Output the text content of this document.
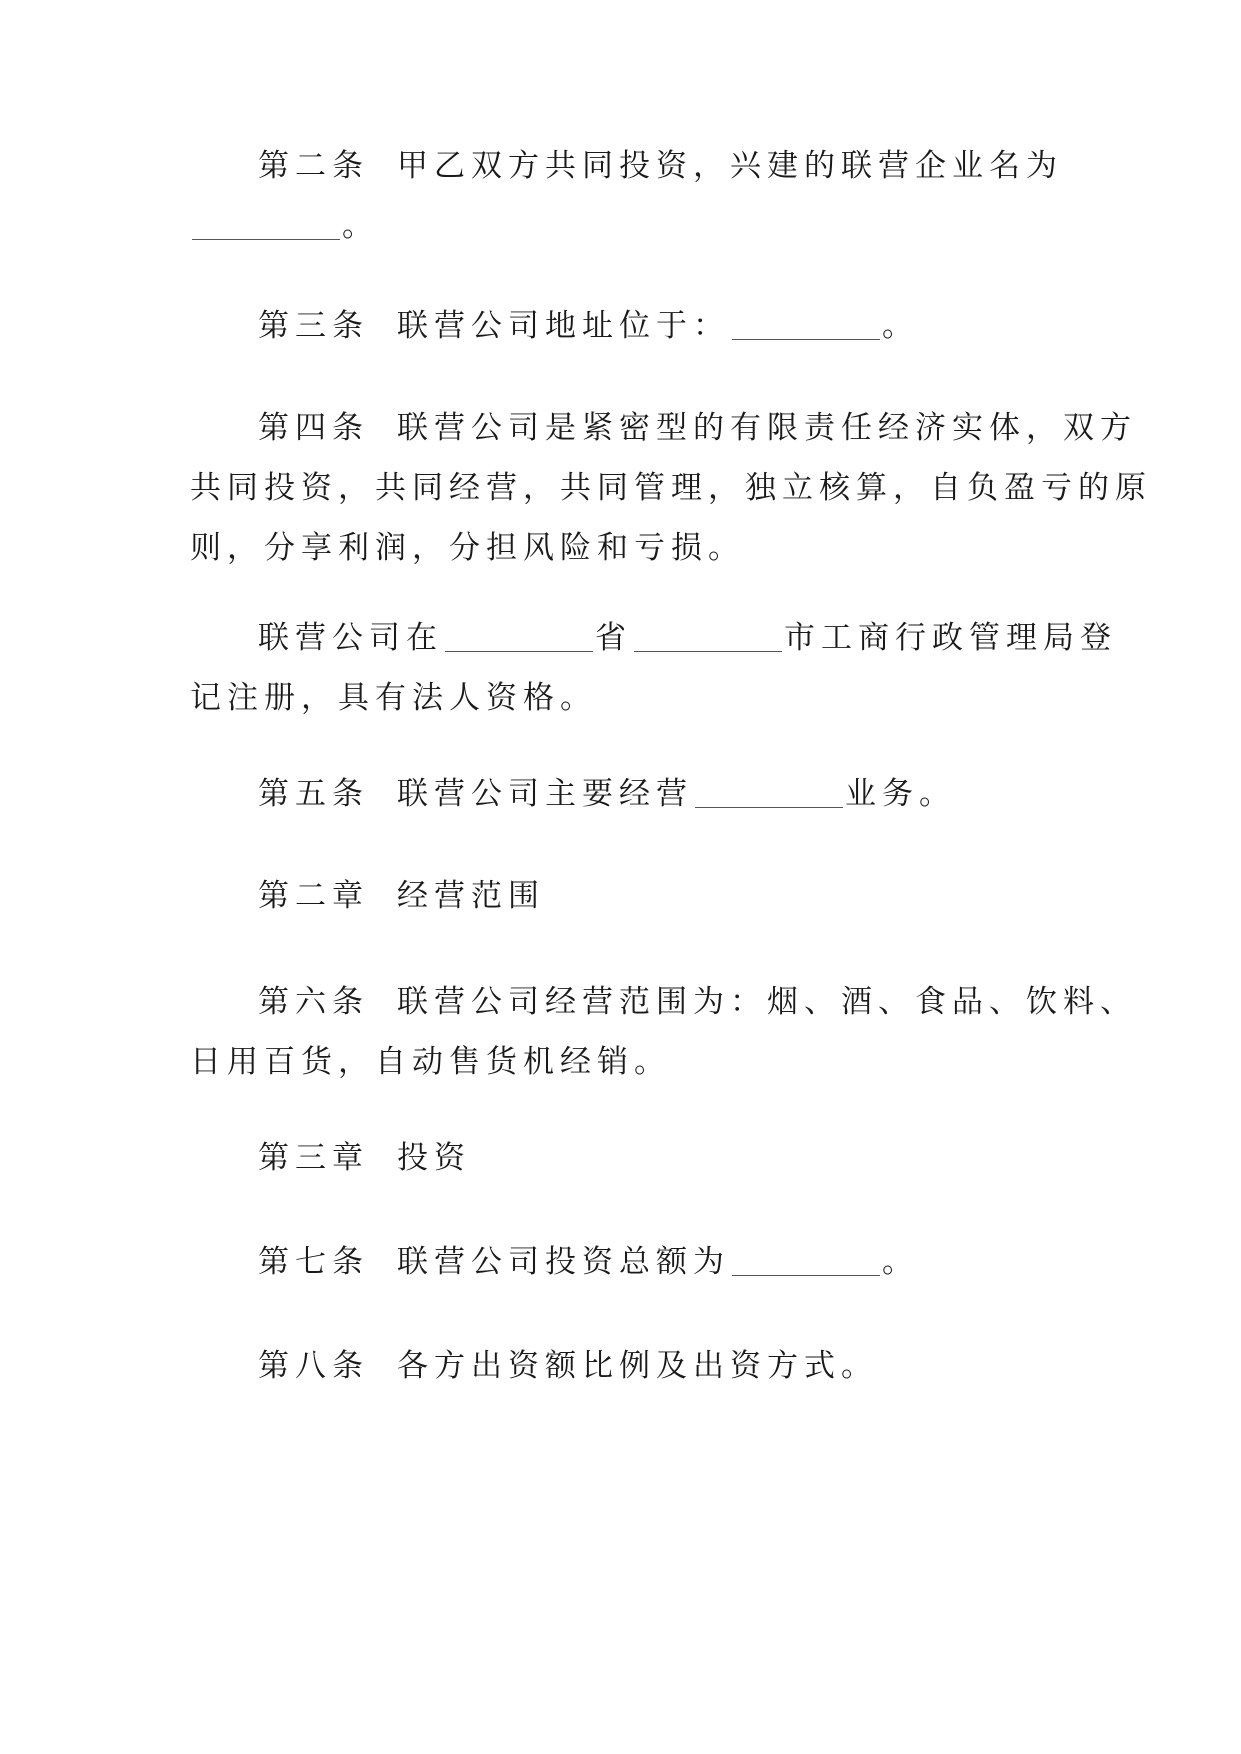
第二条 甲乙双方共同投资，兴建的联营企业名为
。
第三条 联营公司地址位于：	。
第四条 联营公司是紧密型的有限责任经济实体，双方
共同投资，共同经营，共同管理，独立核算，自负盈亏的原
则，分享利润，分担风险和亏损。
联营公司在	省	市工商行政管理局登
记注册，具有法人资格。
第五条 联营公司主要经营	业务。
第二章 经营范围
第六条 联营公司经营范围为：烟、酒、食品、饮料、
日用百货，自动售货机经销。
第三章 投资
第七条 联营公司投资总额为	。
第八条 各方出资额比例及出资方式。
